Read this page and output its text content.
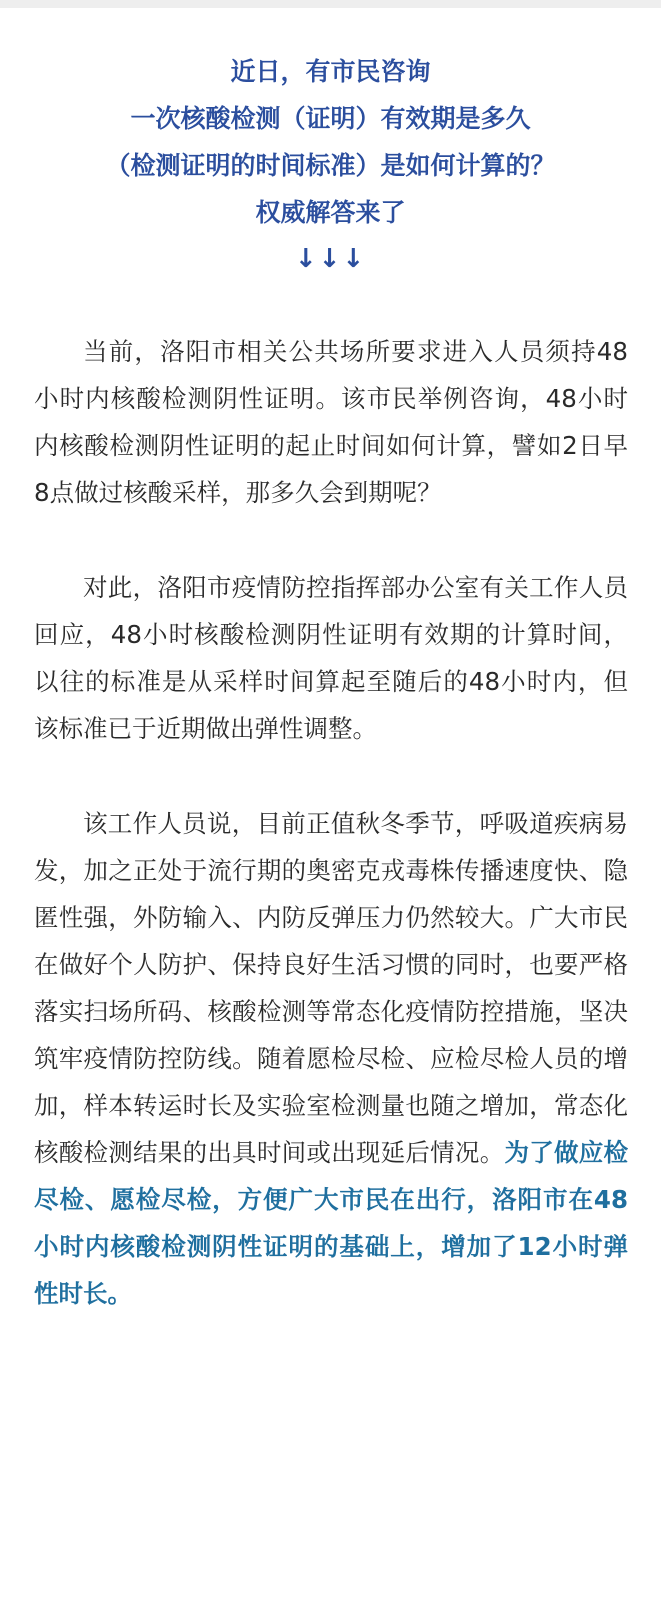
近日，有市民咨询
一次核酸检测（证明）有效期是多久
（检测证明的时间标准）是如何计算的？
权威解答来了
↓↓↓

当前，洛阳市相关公共场所要求进入人员须持48小时内核酸检测阴性证明。该市民举例咨询，48小时内核酸检测阴性证明的起止时间如何计算，譬如2日早8点做过核酸采样，那多久会到期呢？

对此，洛阳市疫情防控指挥部办公室有关工作人员回应，48小时核酸检测阴性证明有效期的计算时间，以往的标准是从采样时间算起至随后的48小时内，但该标准已于近期做出弹性调整。

该工作人员说，目前正值秋冬季节，呼吸道疾病易发，加之正处于流行期的奥密克戎毒株传播速度快、隐匿性强，外防输入、内防反弹压力仍然较大。广大市民在做好个人防护、保持良好生活习惯的同时，也要严格落实扫场所码、核酸检测等常态化疫情防控措施，坚决筑牢疫情防控防线。随着愿检尽检、应检尽检人员的增加，样本转运时长及实验室检测量也随之增加，常态化核酸检测结果的出具时间或出现延后情况。为了做应检尽检、愿检尽检，方便广大市民在出行，洛阳市在48小时内核酸检测阴性证明的基础上，增加了12小时弹性时长。
